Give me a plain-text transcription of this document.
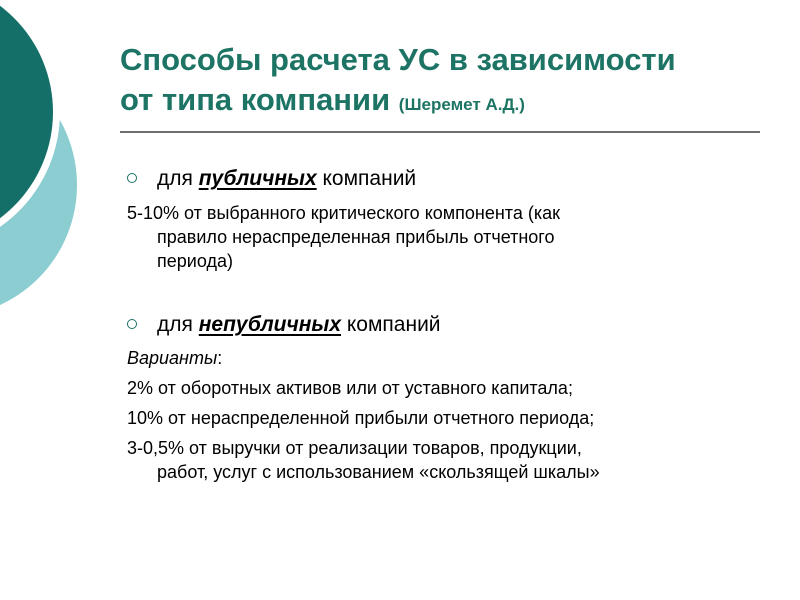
Способы расчета УС в зависимости
от типа компании (Шеремет А.Д.)
для публичных компаний
5-10% от выбранного критического компонента (как
правило нераспределенная прибыль отчетного
периода)
для непубличных компаний
Варианты:
2% от оборотных активов или от уставного капитала;
10% от нераспределенной прибыли отчетного периода;
3-0,5% от выручки от реализации товаров, продукции,
работ, услуг с использованием «скользящей шкалы»
